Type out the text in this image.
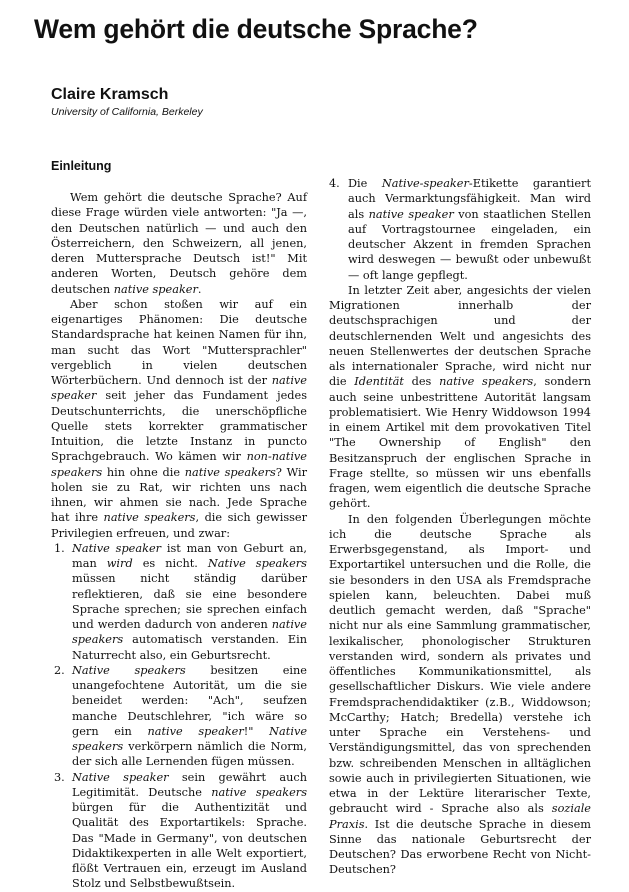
Wem gehört die deutsche Sprache?

Claire Kramsch

University of California, Berkeley

Einleitung

Wem gehört die deutsche Sprache? Auf diese Frage würden viele antworten: "Ja —, den Deutschen natürlich — und auch den Österreichern, den Schweizern, all jenen, deren Muttersprache Deutsch ist!" Mit anderen Worten, Deutsch gehöre dem deutschen native speaker.

Aber schon stoßen wir auf ein eigenartiges Phänomen: Die deutsche Standardsprache hat keinen Namen für ihn, man sucht das Wort "Muttersprachler" vergeblich in vielen deutschen Wörterbüchern. Und dennoch ist der native speaker seit jeher das Fundament jedes Deutschunterrichts, die unerschöpfliche Quelle stets korrekter grammatischer Intuition, die letzte Instanz in puncto Sprachgebrauch. Wo kämen wir non-native speakers hin ohne die native speakers? Wir holen sie zu Rat, wir richten uns nach ihnen, wir ahmen sie nach. Jede Sprache hat ihre native speakers, die sich gewisser Privilegien erfreuen, und zwar:

1. Native speaker ist man von Geburt an, man wird es nicht. Native speakers müssen nicht ständig darüber reflektieren, daß sie eine besondere Sprache sprechen; sie sprechen einfach und werden dadurch von anderen native speakers automatisch verstanden. Ein Naturrecht also, ein Geburtsrecht.
2. Native speakers besitzen eine unangefochtene Autorität, um die sie beneidet werden: "Ach", seufzen manche Deutschlehrer, "ich wäre so gern ein native speaker!" Native speakers verkörpern nämlich die Norm, der sich alle Lernenden fügen müssen.
3. Native speaker sein gewährt auch Legitimität. Deutsche native speakers bürgen für die Authentizität und Qualität des Exportartikels: Sprache. Das "Made in Germany", von deutschen Didaktikexperten in alle Welt exportiert, flößt Vertrauen ein, erzeugt im Ausland Stolz und Selbstbewußtsein.
4. Die Native-speaker-Etikette garantiert auch Vermarktungsfähigkeit. Man wird als native speaker von staatlichen Stellen auf Vortragstournee eingeladen, ein deutscher Akzent in fremden Sprachen wird deswegen — bewußt oder unbewußt — oft lange gepflegt.

In letzter Zeit aber, angesichts der vielen Migrationen innerhalb der deutschsprachigen und der deutschlernenden Welt und angesichts des neuen Stellenwertes der deutschen Sprache als internationaler Sprache, wird nicht nur die Identität des native speakers, sondern auch seine unbestrittene Autorität langsam problematisiert. Wie Henry Widdowson 1994 in einem Artikel mit dem provokativen Titel "The Ownership of English" den Besitzanspruch der englischen Sprache in Frage stellte, so müssen wir uns ebenfalls fragen, wem eigentlich die deutsche Sprache gehört.

In den folgenden Überlegungen möchte ich die deutsche Sprache als Erwerbsgegenstand, als Import- und Exportartikel untersuchen und die Rolle, die sie besonders in den USA als Fremdsprache spielen kann, beleuchten. Dabei muß deutlich gemacht werden, daß "Sprache" nicht nur als eine Sammlung grammatischer, lexikalischer, phonologischer Strukturen verstanden wird, sondern als privates und öffentliches Kommunikationsmittel, als gesellschaftlicher Diskurs. Wie viele andere Fremdsprachendidaktiker (z.B., Widdowson; McCarthy; Hatch; Bredella) verstehe ich unter Sprache ein Verstehens- und Verständigungsmittel, das von sprechenden bzw. schreibenden Menschen in alltäglichen sowie auch in privilegierten Situationen, wie etwa in der Lektüre literarischer Texte, gebraucht wird - Sprache also als soziale Praxis. Ist die deutsche Sprache in diesem Sinne das nationale Geburtsrecht der Deutschen? Das erworbene Recht von Nicht-Deutschen?
